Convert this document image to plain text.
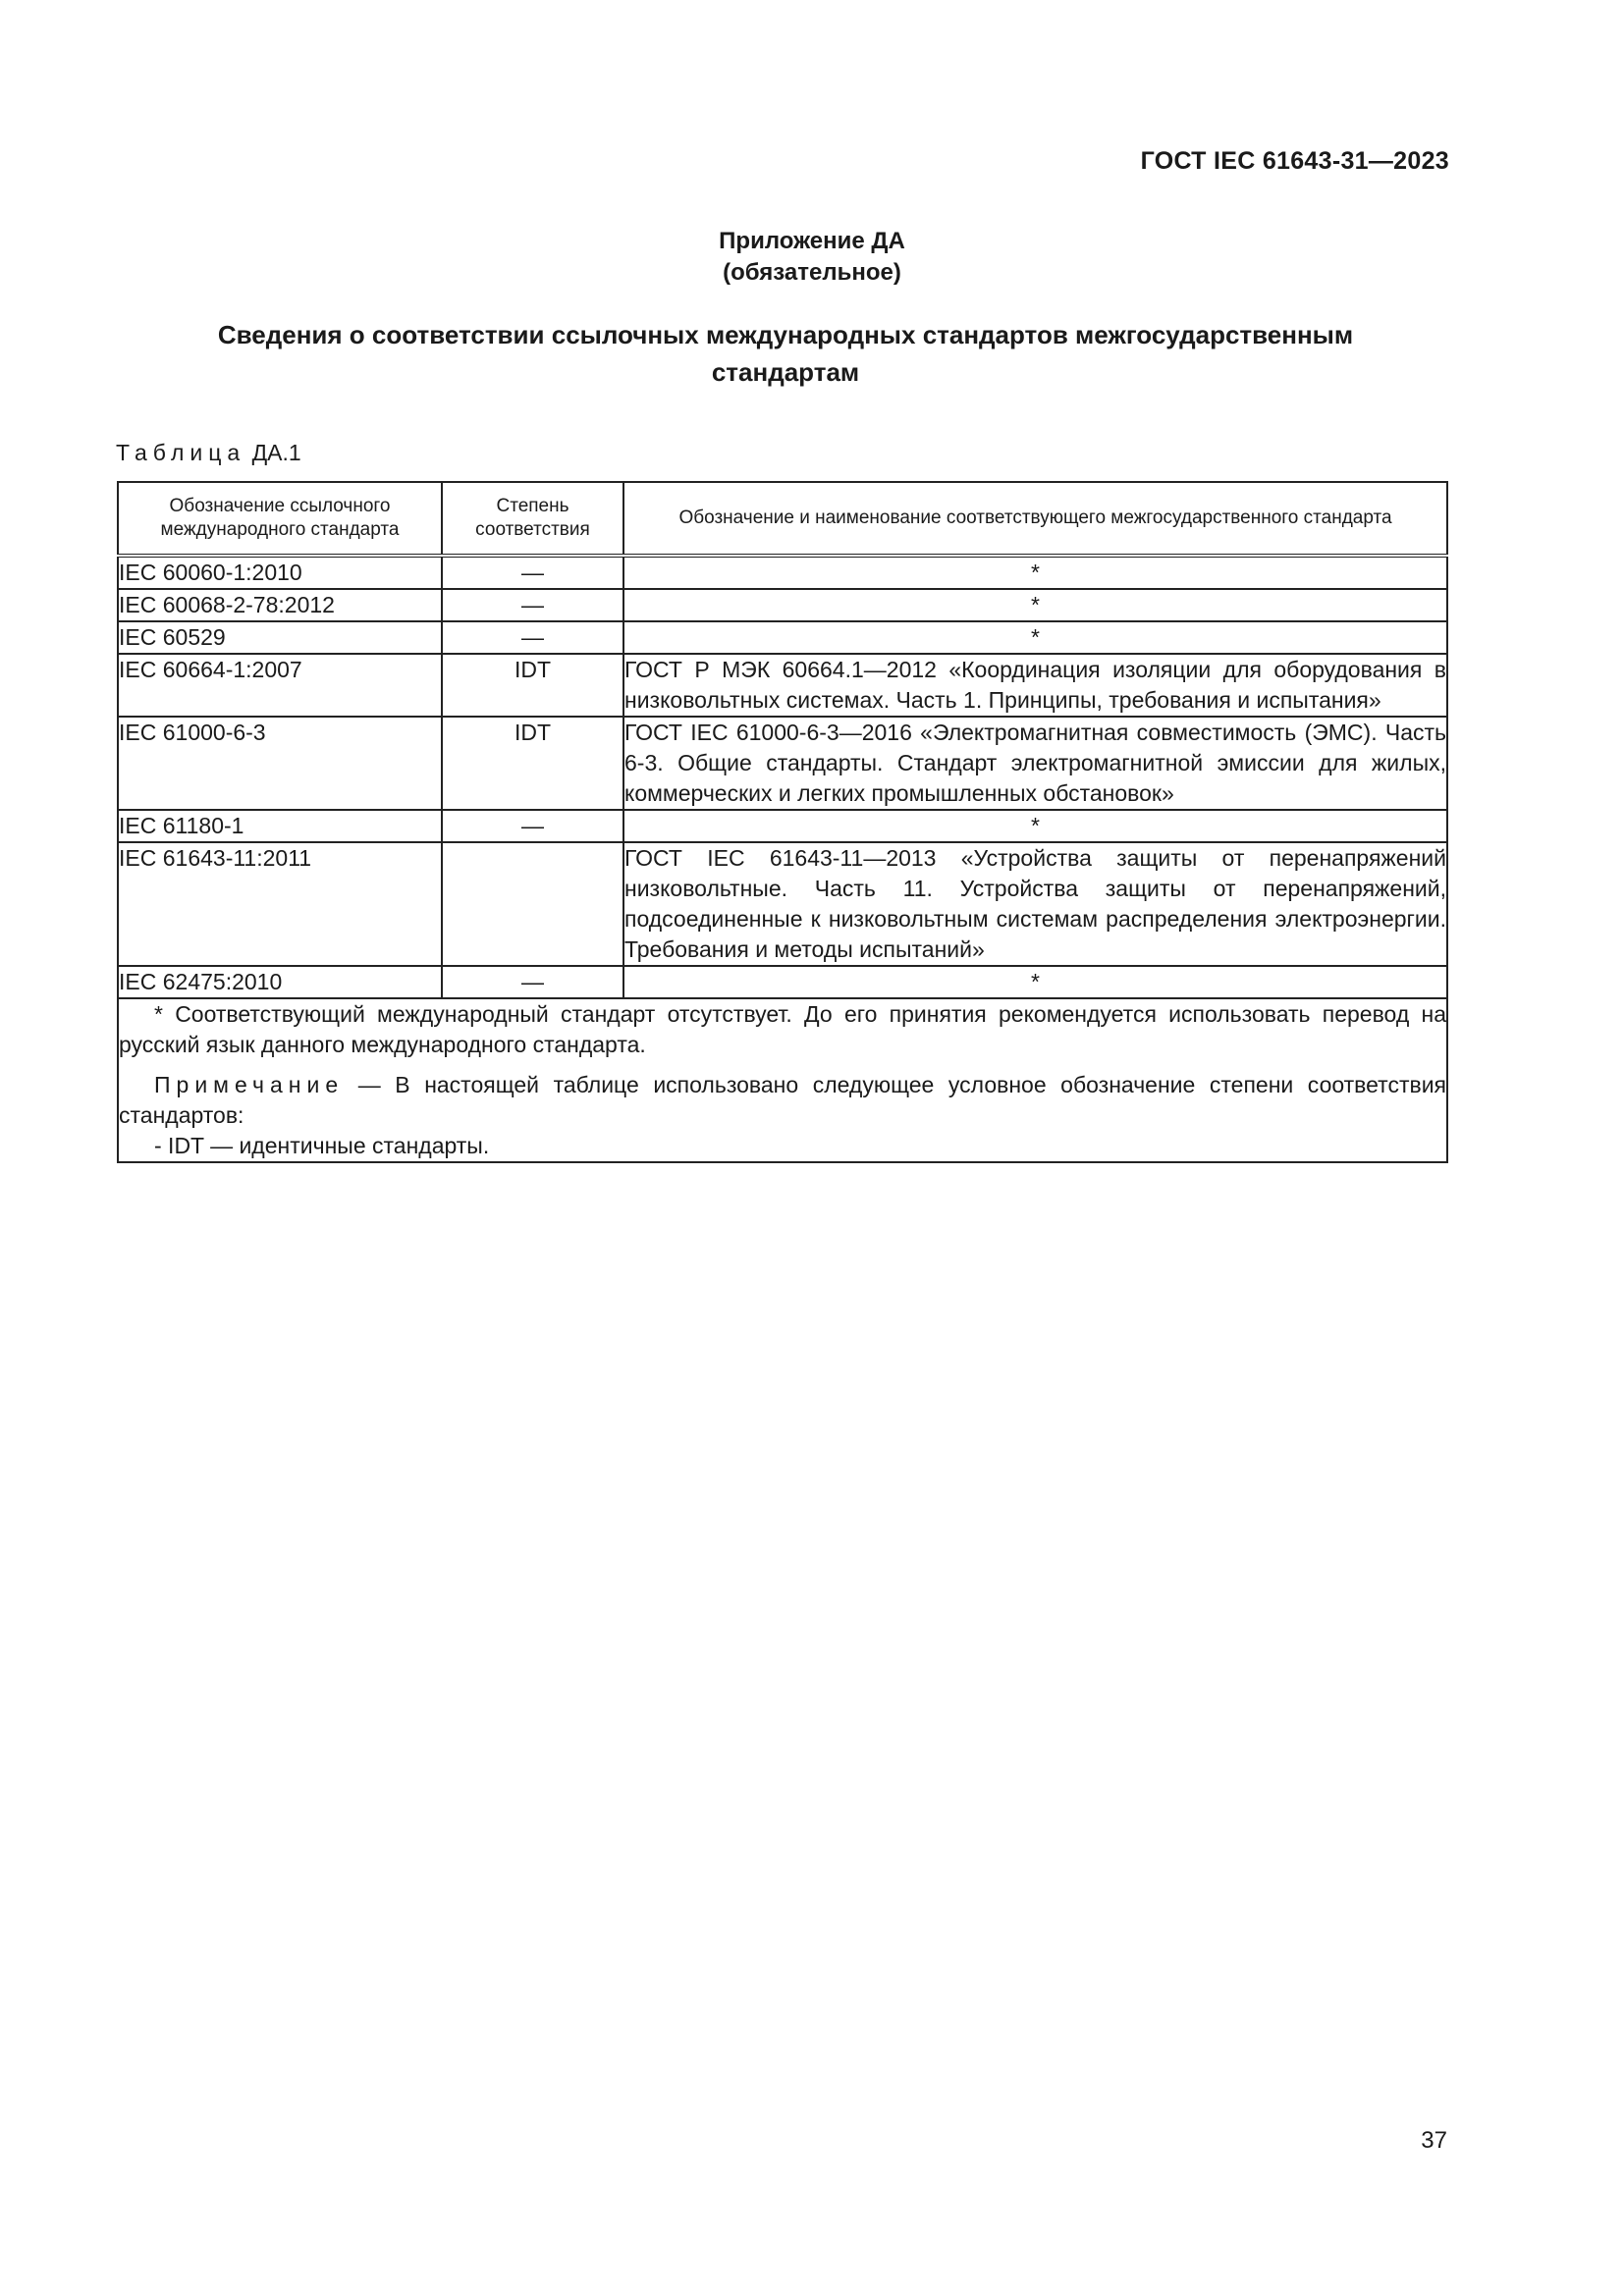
ГОСТ IEC 61643-31—2023
Приложение ДА
(обязательное)
Сведения о соответствии ссылочных международных стандартов межгосударственным
стандартам
Таблица ДА.1
Обозначение ссылочного международного стандарта	Степень соответствия	Обозначение и наименование соответствующего межгосударственного стандарта
IEC 60060-1:2010	—	*
IEC 60068-2-78:2012	—	*
IEC 60529	—	*
IEC 60664-1:2007	IDT	ГОСТ Р МЭК 60664.1—2012 «Координация изоляции для оборудования в низковольтных системах. Часть 1. Принципы, требования и испытания»
IEC 61000-6-3	IDT	ГОСТ IEC 61000-6-3—2016 «Электромагнитная совместимость (ЭМС). Часть 6-3. Общие стандарты. Стандарт электромагнитной эмиссии для жилых, коммерческих и легких промышленных обстановок»
IEC 61180-1	—	*
IEC 61643-11:2011		ГОСТ IEC 61643-11—2013 «Устройства защиты от перенапряжений низковольтные. Часть 11. Устройства защиты от перенапряжений, подсоединенные к низковольтным системам распределения электроэнергии. Требования и методы испытаний»
IEC 62475:2010	—	*

* Соответствующий международный стандарт отсутствует. До его принятия рекомендуется использовать перевод на русский язык данного международного стандарта.

Примечание — В настоящей таблице использовано следующее условное обозначение степени соответствия стандартов:

- IDT — идентичные стандарты.		

37
